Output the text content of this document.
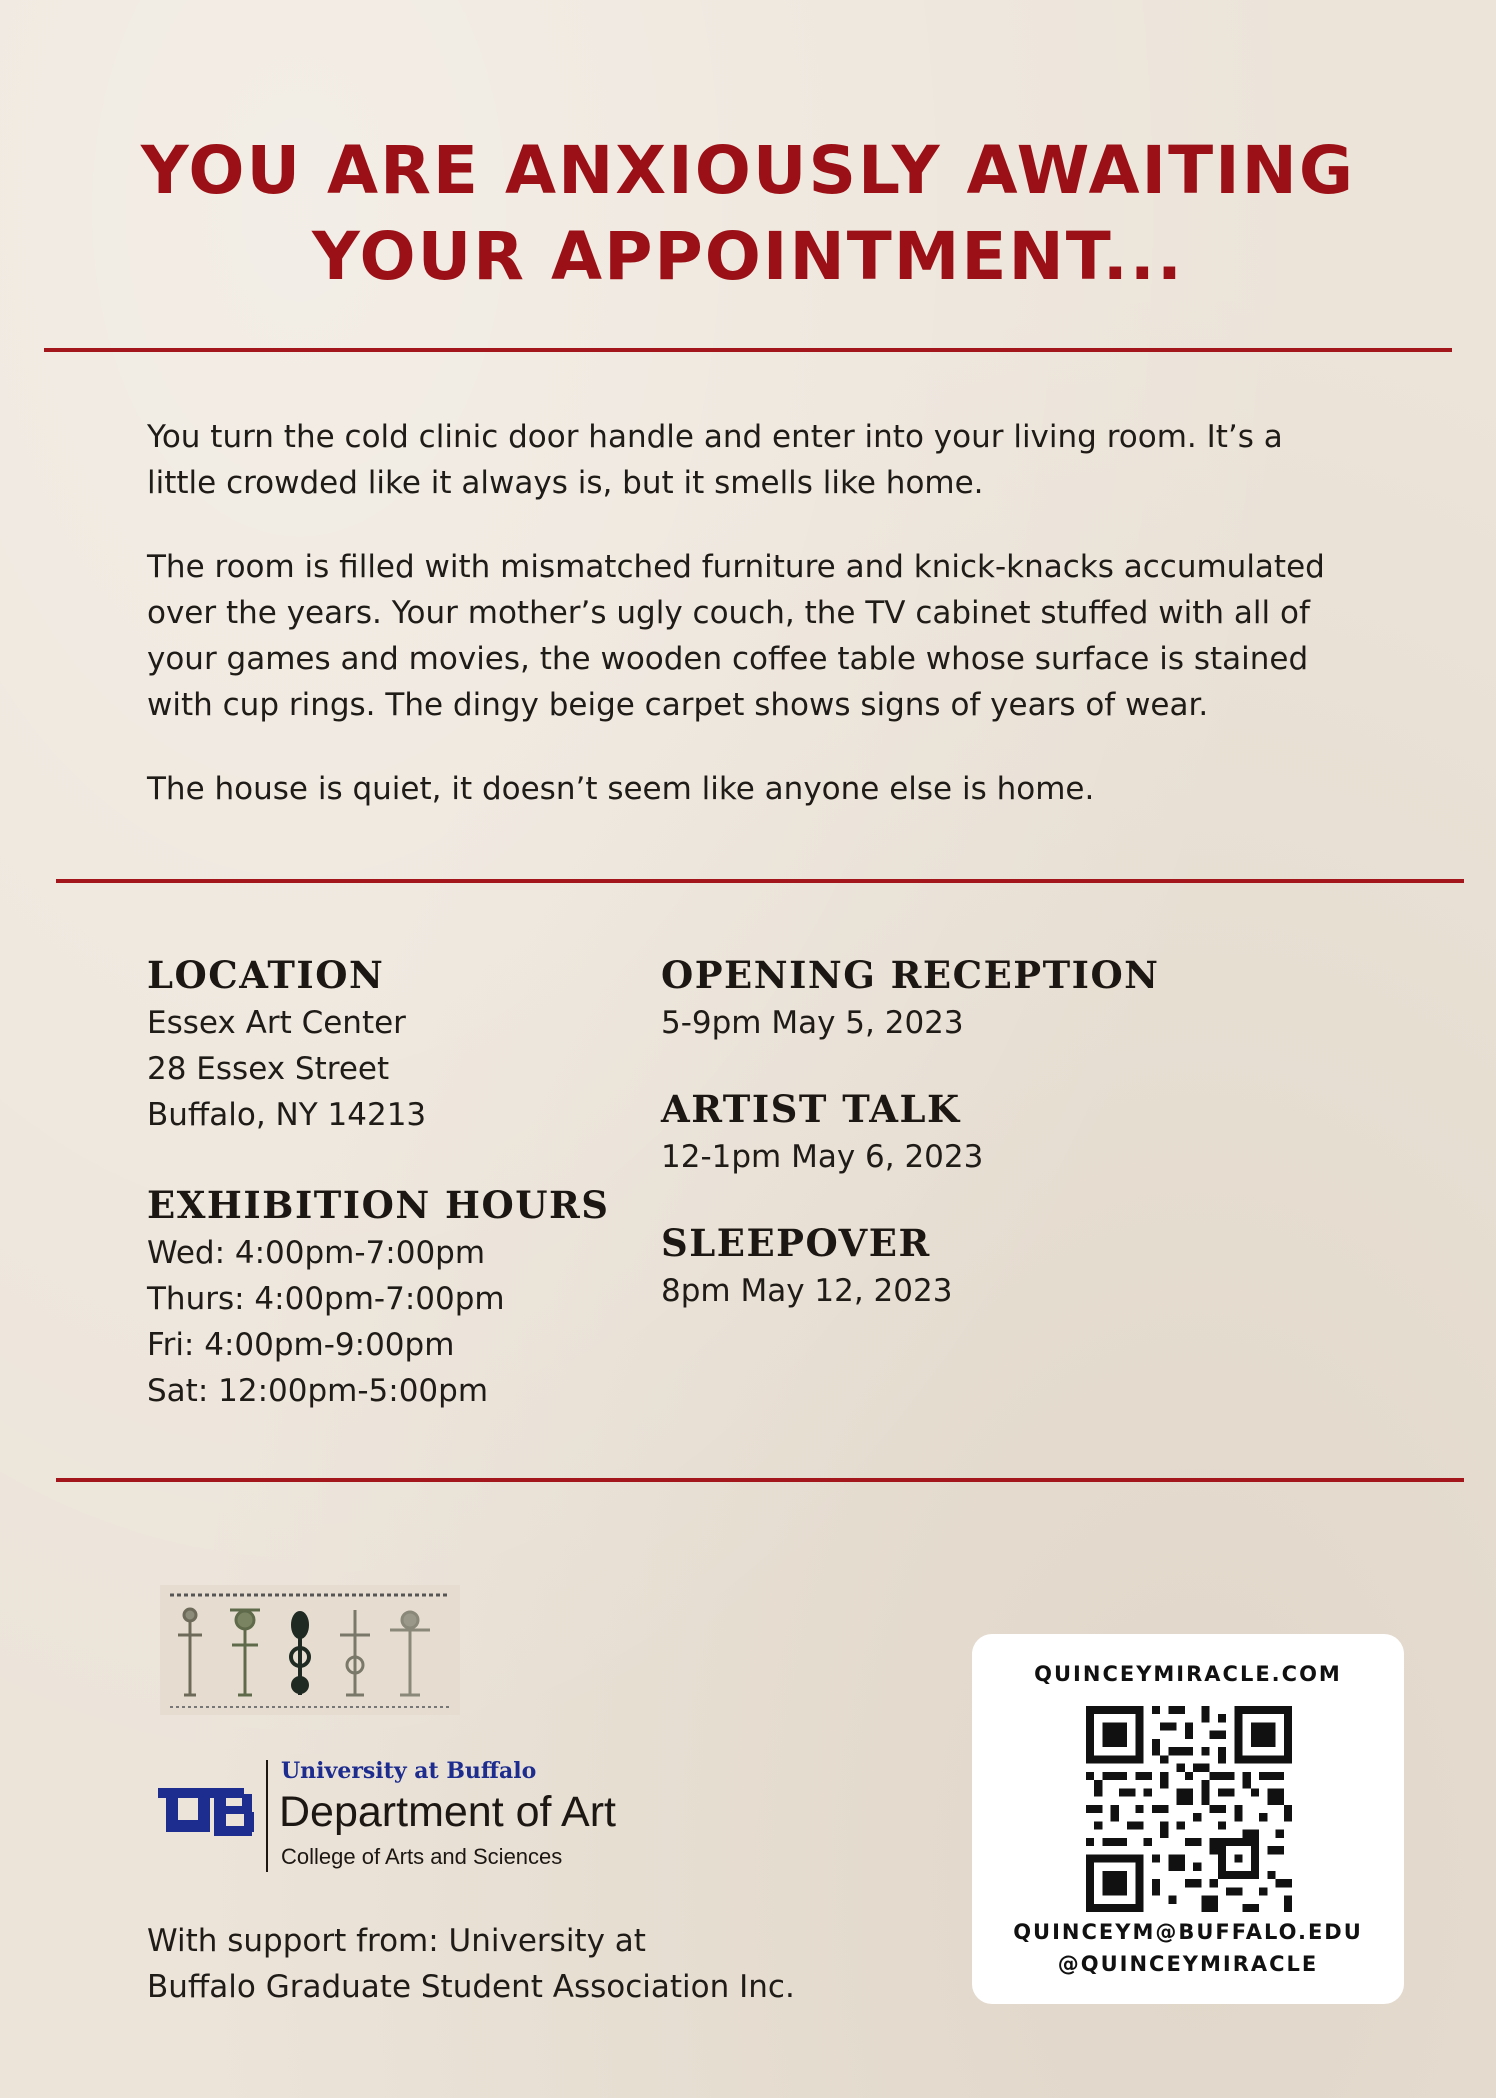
YOU ARE ANXIOUSLY AWAITING
YOUR APPOINTMENT...

You turn the cold clinic door handle and enter into your living room. It’s a little crowded like it always is, but it smells like home.

The room is filled with mismatched furniture and knick-knacks accumulated over the years. Your mother’s ugly couch, the TV cabinet stuffed with all of your games and movies, the wooden coffee table whose surface is stained with cup rings. The dingy beige carpet shows signs of years of wear.

The house is quiet, it doesn’t seem like anyone else is home.

LOCATION
Essex Art Center
28 Essex Street
Buffalo, NY 14213
EXHIBITION HOURS
Wed: 4:00pm-7:00pm
Thurs: 4:00pm-7:00pm
Fri: 4:00pm-9:00pm
Sat: 12:00pm-5:00pm
OPENING RECEPTION
5-9pm May 5, 2023
ARTIST TALK
12-1pm May 6, 2023
SLEEPOVER
8pm May 12, 2023
University at Buffalo
Department of Art
College of Arts and Sciences
With support from: University at
Buffalo Graduate Student Association Inc.
QUINCEYMIRACLE.COM
QUINCEYM@BUFFALO.EDU
@QUINCEYMIRACLE
